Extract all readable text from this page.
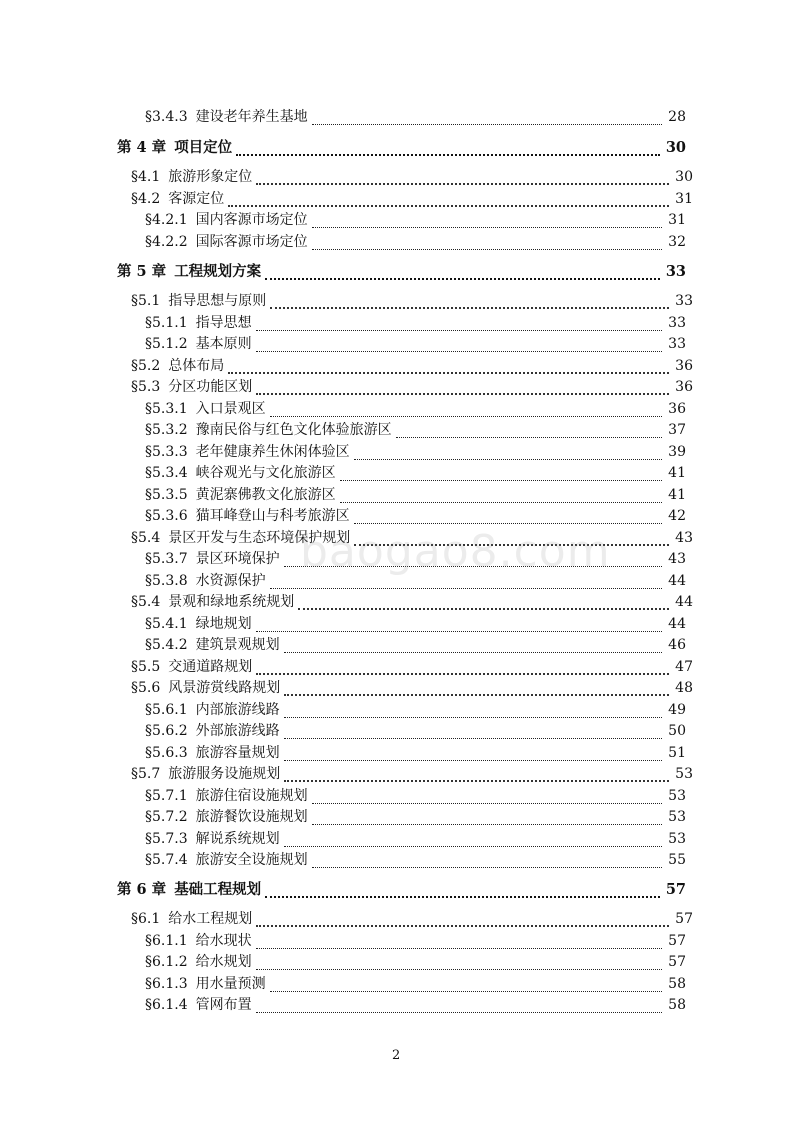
§3.4.3 建设老年养生基地	28
第 4 章 项目定位	30
§4.1 旅游形象定位	30
§4.2 客源定位	31
§4.2.1 国内客源市场定位	31
§4.2.2 国际客源市场定位	32
第 5 章 工程规划方案	33
§5.1 指导思想与原则	33
§5.1.1 指导思想	33
§5.1.2 基本原则	33
§5.2 总体布局	36
§5.3 分区功能区划	36
§5.3.1 入口景观区	36
§5.3.2 豫南民俗与红色文化体验旅游区	37
§5.3.3 老年健康养生休闲体验区	39
§5.3.4 峡谷观光与文化旅游区	41
§5.3.5 黄泥寨佛教文化旅游区	41
§5.3.6 猫耳峰登山与科考旅游区	42
§5.4 景区开发与生态环境保护规划	43
§5.3.7 景区环境保护	43
§5.3.8 水资源保护	44
§5.4 景观和绿地系统规划	44
§5.4.1 绿地规划	44
§5.4.2 建筑景观规划	46
§5.5 交通道路规划	47
§5.6 风景游赏线路规划	48
§5.6.1 内部旅游线路	49
§5.6.2 外部旅游线路	50
§5.6.3 旅游容量规划	51
§5.7 旅游服务设施规划	53
§5.7.1 旅游住宿设施规划	53
§5.7.2 旅游餐饮设施规划	53
§5.7.3 解说系统规划	53
§5.7.4 旅游安全设施规划	55
第 6 章 基础工程规划	57
§6.1 给水工程规划	57
§6.1.1 给水现状	57
§6.1.2 给水规划	57
§6.1.3 用水量预测	58
§6.1.4 管网布置	58
baogao8.com
2
